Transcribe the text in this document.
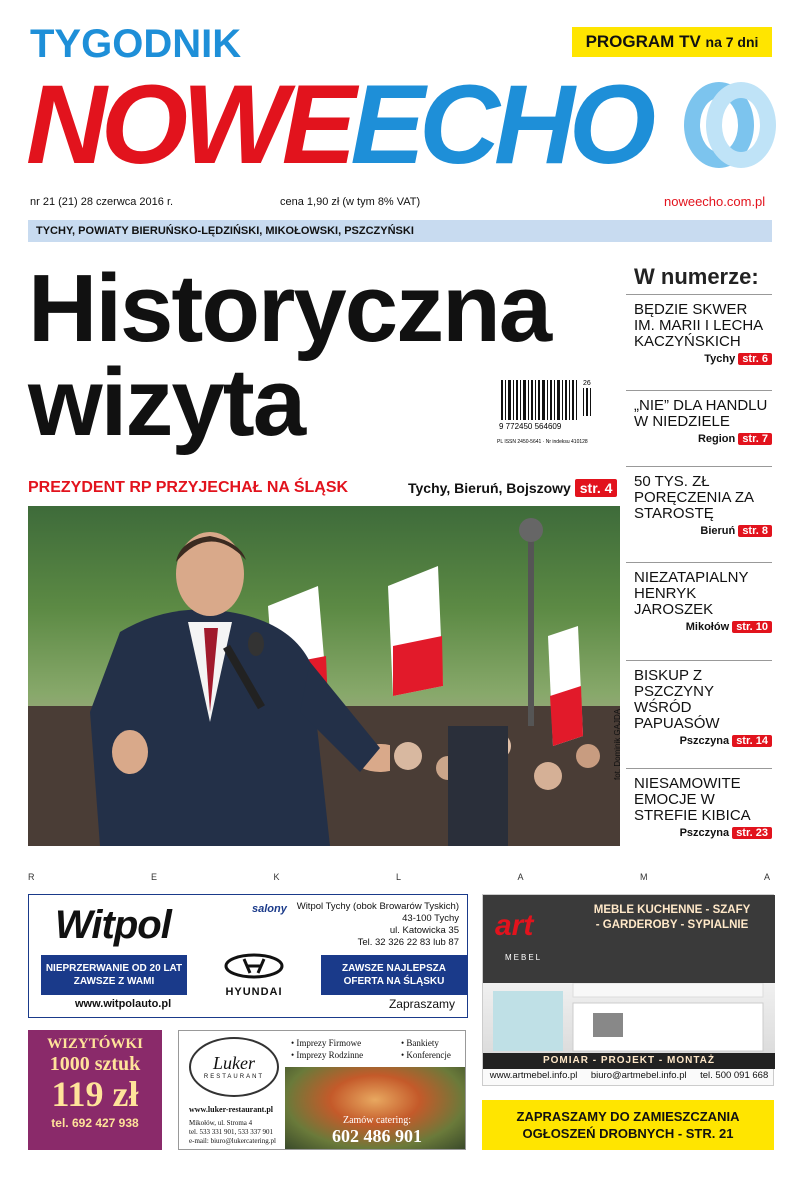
TYGODNIK	PROGRAM TV na 7 dni
NOWEECHO
nr 21 (21) 28 czerwca 2016 r.	cena 1,90 zł (w tym 8% VAT)	noweecho.com.pl
TYCHY, POWIATY BIERUŃSKO-LĘDZIŃSKI, MIKOŁOWSKI, PSZCZYŃSKI
Historyczna
wizyta	26
9 772450 564609
PL ISSN 2450-5641 · Nr indeksu 410128
PREZYDENT RP PRZYJECHAŁ NA ŚLĄSK	Tychy, Bieruń, Bojszowy str. 4
fot. Dominik GAJDA
W numerze:
BĘDZIE SKWER IM. MARII I LECHA KACZYŃSKICH
Tychy str. 6
„NIE” DLA HANDLU W NIEDZIELE
Region str. 7
50 TYS. ZŁ PORĘCZENIA ZA STAROSTĘ
Bieruń str. 8
NIEZATAPIALNY HENRYK JAROSZEK
Mikołów str. 10
BISKUP Z PSZCZYNY WŚRÓD PAPUASÓW
Pszczyna str. 14
NIESAMOWITE EMOCJE W STREFIE KIBICA
Pszczyna str. 23
R	E	K	L	A	M	A
Witpol	salony Witpol Tychy (obok Browarów Tyskich)
43-100 Tychy
ul. Katowicka 35
Tel. 32 326 22 83 lub 87
NIEPRZERWANIE OD 20 LAT
ZAWSZE Z WAMI
HYUNDAI
ZAWSZE NAJLEPSZA
OFERTA NA ŚLĄSKU
www.witpolauto.pl	Zapraszamy
art
MEBEL
MEBLE KUCHENNE - SZAFY
- GARDEROBY - SYPIALNIE
POMIAR - PROJEKT - MONTAŻ
www.artmebel.info.pl biuro@artmebel.info.pl tel. 500 091 668
WIZYTÓWKI
1000 sztuk
119 zł
tel. 692 427 938
Luker
RESTAURANT
• Imprezy Firmowe
• Imprezy Rodzinne
• Bankiety
• Konferencje
www.luker-restaurant.pl
Mikołów, ul. Stroma 4
tel. 533 331 901, 533 337 901
e-mail: biuro@lukercatering.pl
Zamów catering:
602 486 901
ZAPRASZAMY DO ZAMIESZCZANIA
OGŁOSZEŃ DROBNYCH - STR. 21
